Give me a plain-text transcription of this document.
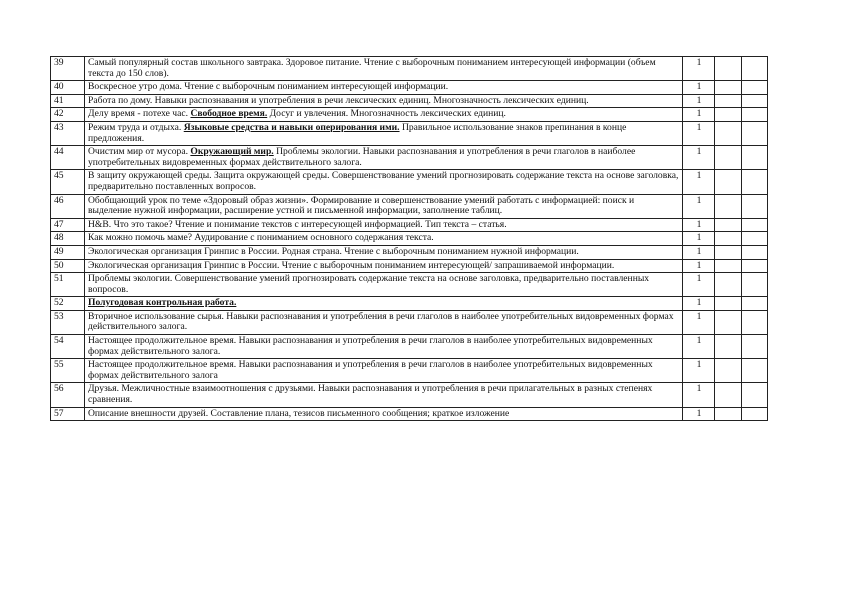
39	Самый популярный состав школьного завтрака. Здоровое питание. Чтение с выборочным пониманием интересующей информации (объем текста до 150 слов).	1		
40	Воскресное утро дома. Чтение с выборочным пониманием интересующей информации.	1		
41	Работа по дому. Навыки распознавания и употребления в речи лексических единиц. Многозначность лексических единиц.	1		
42	Делу время - потехе час. Свободное время. Досуг и увлечения. Многозначность лексических единиц.	1		
43	Режим труда и отдыха. Языковые средства и навыки оперирования ими. Правильное использование знаков препинания в конце предложения.	1		
44	Очистим мир от мусора. Окружающий мир. Проблемы экологии. Навыки распознавания и употребления в речи глаголов в наиболее употребительных видовременных формах действительного залога.	1		
45	В защиту окружающей среды. Защита окружающей среды. Совершенствование умений прогнозировать содержание текста на основе заголовка, предварительно поставленных вопросов.	1		
46	Обобщающий урок по теме «Здоровый образ жизни». Формирование и совершенствование умений работать с информацией: поиск и выделение нужной информации, расширение устной и письменной информации, заполнение таблиц.	1		
47	Н&В. Что это такое? Чтение и понимание текстов с интересующей информацией. Тип текста – статья.	1		
48	Как можно помочь маме? Аудирование с пониманием основного содержания текста.	1		
49	Экологическая организация Гринпис в России. Родная страна. Чтение с выборочным пониманием нужной информации.	1		
50	Экологическая организация Гринпис в России. Чтение с выборочным пониманием интересующей/ запрашиваемой информации.	1		
51	Проблемы экологии. Совершенствование умений прогнозировать содержание текста на основе заголовка, предварительно поставленных вопросов.	1		
52	Полугодовая контрольная работа.	1		
53	Вторичное использование сырья. Навыки распознавания и употребления в речи глаголов в наиболее употребительных видовременных формах действительного залога.	1		
54	Настоящее продолжительное время. Навыки распознавания и употребления в речи глаголов в наиболее употребительных видовременных формах действительного залога.	1		
55	Настоящее продолжительное время. Навыки распознавания и употребления в речи глаголов в наиболее употребительных видовременных формах действительного залога	1		
56	Друзья. Межличностные взаимоотношения с друзьями. Навыки распознавания и употребления в речи прилагательных в разных степенях сравнения.	1		
57	Описание внешности друзей. Составление плана, тезисов письменного сообщения; краткое изложение	1		
